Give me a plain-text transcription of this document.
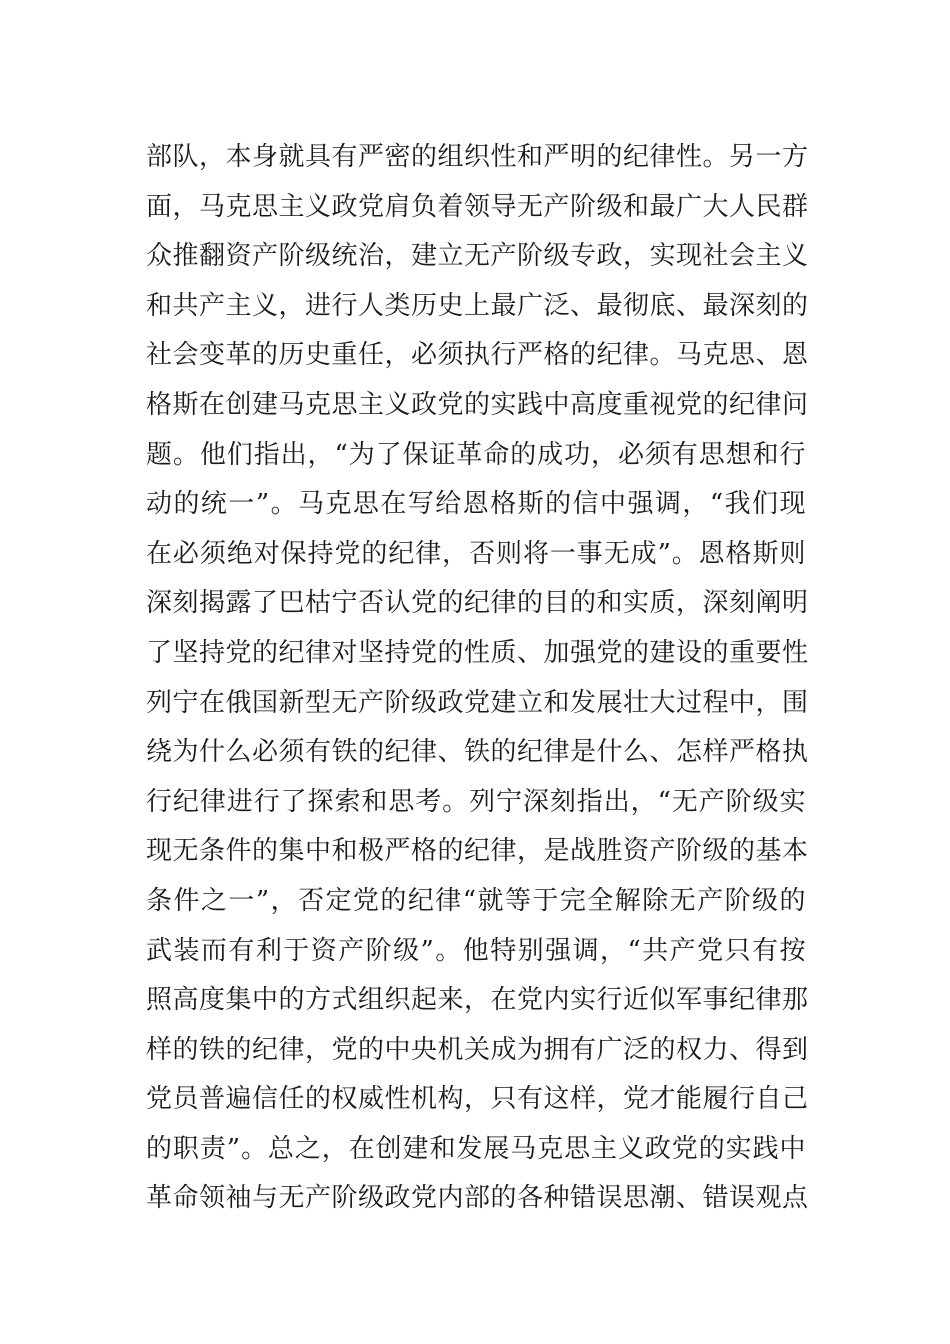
部队，本身就具有严密的组织性和严明的纪律性。另一方
面，马克思主义政党肩负着领导无产阶级和最广大人民群
众推翻资产阶级统治，建立无产阶级专政，实现社会主义
和共产主义，进行人类历史上最广泛、最彻底、最深刻的
社会变革的历史重任，必须执行严格的纪律。马克思、恩
格斯在创建马克思主义政党的实践中高度重视党的纪律问
题。他们指出，“为了保证革命的成功，必须有思想和行
动的统一”。马克思在写给恩格斯的信中强调，“我们现
在必须绝对保持党的纪律，否则将一事无成”。恩格斯则
深刻揭露了巴枯宁否认党的纪律的目的和实质，深刻阐明
了坚持党的纪律对坚持党的性质、加强党的建设的重要性
列宁在俄国新型无产阶级政党建立和发展壮大过程中，围
绕为什么必须有铁的纪律、铁的纪律是什么、怎样严格执
行纪律进行了探索和思考。列宁深刻指出，“无产阶级实
现无条件的集中和极严格的纪律，是战胜资产阶级的基本
条件之一”，否定党的纪律“就等于完全解除无产阶级的
武装而有利于资产阶级”。他特别强调，“共产党只有按
照高度集中的方式组织起来，在党内实行近似军事纪律那
样的铁的纪律，党的中央机关成为拥有广泛的权力、得到
党员普遍信任的权威性机构，只有这样，党才能履行自己
的职责”。总之，在创建和发展马克思主义政党的实践中
革命领袖与无产阶级政党内部的各种错误思潮、错误观点
